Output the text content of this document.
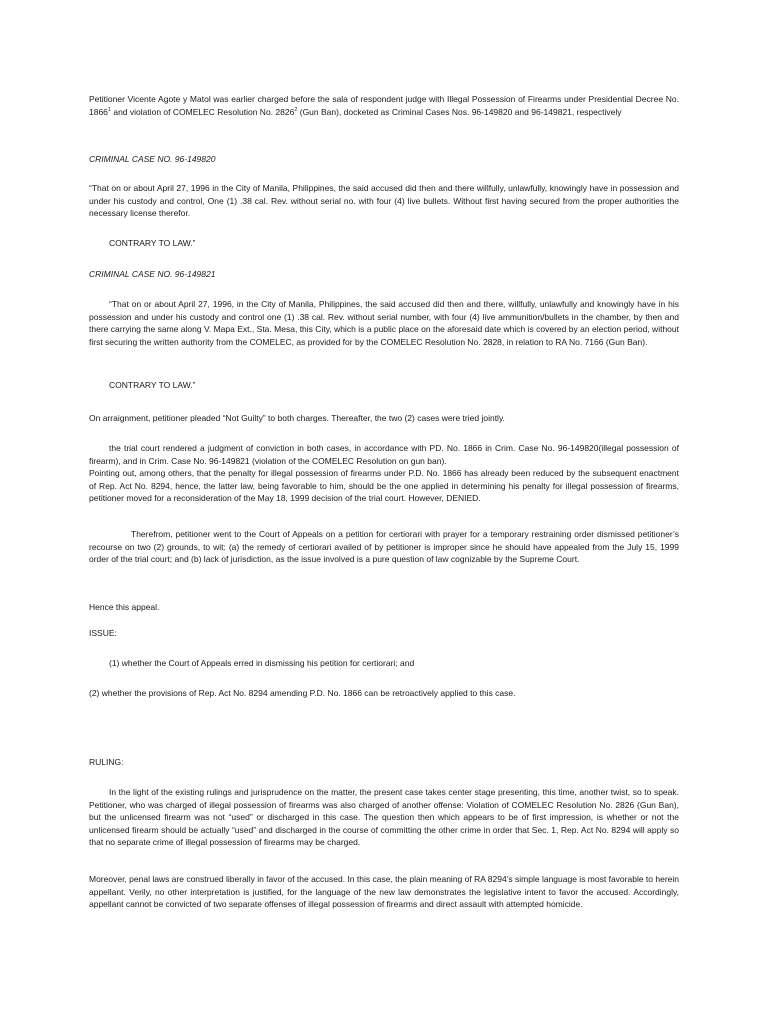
Petitioner Vicente Agote y Matol was earlier charged before the sala of respondent judge with Illegal Possession of Firearms under Presidential Decree No. 1866$^1$ and violation of COMELEC Resolution No. 2826$^2$ (Gun Ban), docketed as Criminal Cases Nos. 96-149820 and 96-149821, respectively

CRIMINAL CASE NO. 96-149820

“That on or about April 27, 1996 in the City of Manila, Philippines, the said accused did then and there willfully, unlawfully, knowingly have in possession and under his custody and control, One (1) .38 cal. Rev. without serial no. with four (4) live bullets. Without first having secured from the proper authorities the necessary license therefor.

CONTRARY TO LAW.”

CRIMINAL CASE NO. 96-149821

“That on or about April 27, 1996, in the City of Manila, Philippines, the said accused did then and there, willfully, unlawfully and knowingly have in his possession and under his custody and control one (1) .38 cal. Rev. without serial number, with four (4) live ammunition/bullets in the chamber, by then and there carrying the same along V. Mapa Ext., Sta. Mesa, this City, which is a public place on the aforesaid date which is covered by an election period, without first securing the written authority from the COMELEC, as provided for by the COMELEC Resolution No. 2828, in relation to RA No. 7166 (Gun Ban).

CONTRARY TO LAW.”

On arraignment, petitioner pleaded “Not Guilty” to both charges. Thereafter, the two (2) cases were tried jointly.

the trial court rendered a judgment of conviction in both cases, in accordance with PD. No. 1866 in Crim. Case No. 96-149820(illegal possession of firearm), and in Crim. Case No. 96-149821 (violation of the COMELEC Resolution on gun ban).

Pointing out, among others, that the penalty for illegal possession of firearms under P.D. No. 1866 has already been reduced by the subsequent enactment of Rep. Act No. 8294, hence, the latter law, being favorable to him, should be the one applied in determining his penalty for illegal possession of firearms, petitioner moved for a reconsideration of the May 18, 1999 decision of the trial court. However, DENIED.

Therefrom, petitioner went to the Court of Appeals on a petition for certiorari with prayer for a temporary restraining order dismissed petitioner’s recourse on two (2) grounds, to wit: (a) the remedy of certiorari availed of by petitioner is improper since he should have appealed from the July 15, 1999 order of the trial court; and (b) lack of jurisdiction, as the issue involved is a pure question of law cognizable by the Supreme Court.

Hence this appeal.

ISSUE:

(1) whether the Court of Appeals erred in dismissing his petition for certiorari; and

(2) whether the provisions of Rep. Act No. 8294 amending P.D. No. 1866 can be retroactively applied to this case.

RULING:

In the light of the existing rulings and jurisprudence on the matter, the present case takes center stage presenting, this time, another twist, so to speak. Petitioner, who was charged of illegal possession of firearms was also charged of another offense: Violation of COMELEC Resolution No. 2826 (Gun Ban), but the unlicensed firearm was not “used” or discharged in this case. The question then which appears to be of first impression, is whether or not the unlicensed firearm should be actually “used” and discharged in the course of committing the other crime in order that Sec. 1, Rep. Act No. 8294 will apply so that no separate crime of illegal possession of firearms may be charged.

Moreover, penal laws are construed liberally in favor of the accused. In this case, the plain meaning of RA 8294’s simple language is most favorable to herein appellant. Verily, no other interpretation is justified, for the language of the new law demonstrates the legislative intent to favor the accused. Accordingly, appellant cannot be convicted of two separate offenses of illegal possession of firearms and direct assault with attempted homicide.
